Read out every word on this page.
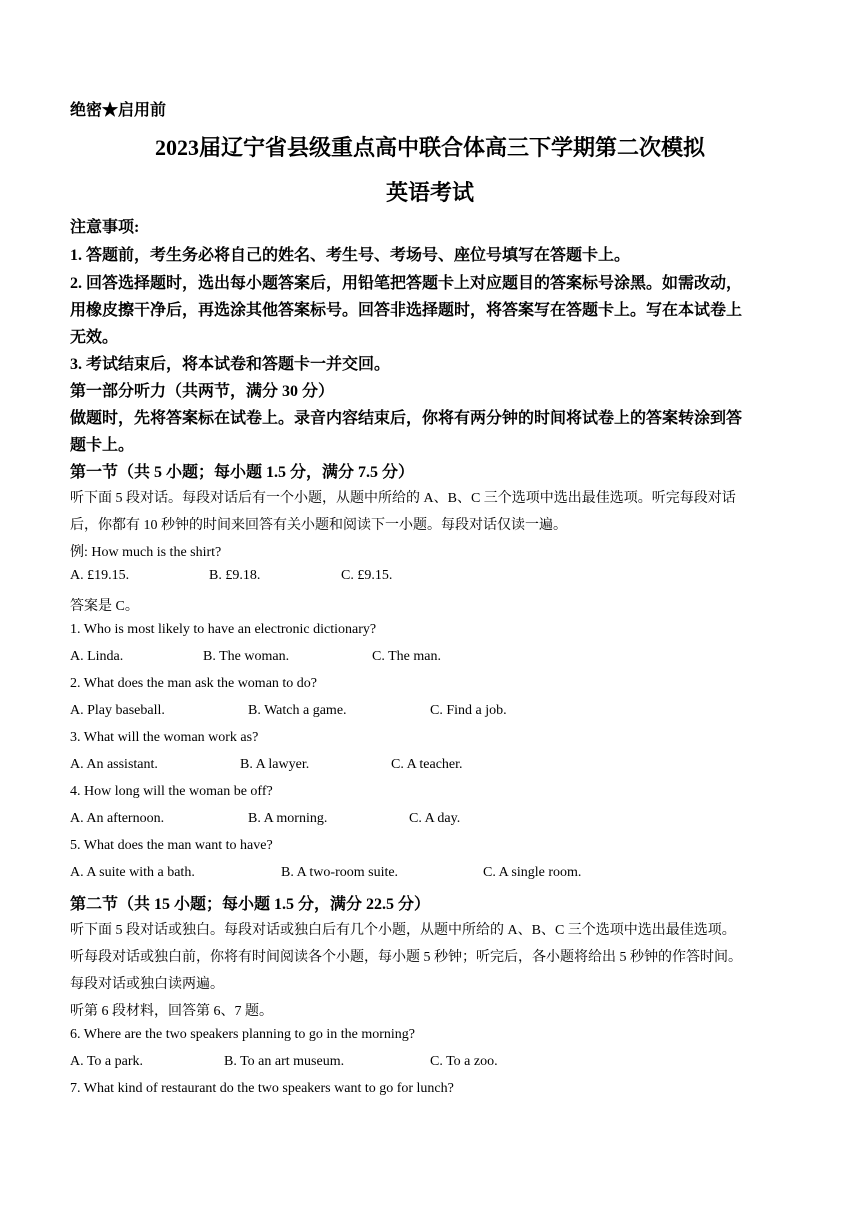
绝密★启用前
2023届辽宁省县级重点高中联合体高三下学期第二次模拟
英语考试
注意事项:
1. 答题前，考生务必将自己的姓名、考生号、考场号、座位号填写在答题卡上。
2. 回答选择题时，选出每小题答案后，用铅笔把答题卡上对应题目的答案标号涂黑。如需改动，
用橡皮擦干净后，再选涂其他答案标号。回答非选择题时，将答案写在答题卡上。写在本试卷上
无效。
3. 考试结束后，将本试卷和答题卡一并交回。
第一部分听力（共两节，满分 30 分）
做题时，先将答案标在试卷上。录音内容结束后，你将有两分钟的时间将试卷上的答案转涂到答
题卡上。
第一节（共 5 小题；每小题 1.5 分，满分 7.5 分）
听下面 5 段对话。每段对话后有一个小题，从题中所给的 A、B、C 三个选项中选出最佳选项。听完每段对话
后，你都有 10 秒钟的时间来回答有关小题和阅读下一小题。每段对话仅读一遍。
例: How much is the shirt?
A. £19.15.	B. £9.18.	C. £9.15.
答案是 C。
1. Who is most likely to have an electronic dictionary?
A. Linda.	B. The woman.	C. The man.
2. What does the man ask the woman to do?
A. Play baseball.	B. Watch a game.	C. Find a job.
3. What will the woman work as?
A. An assistant.	B. A lawyer.	C. A teacher.
4. How long will the woman be off?
A. An afternoon.	B. A morning.	C. A day.
5. What does the man want to have?
A. A suite with a bath.	B. A two-room suite.	C. A single room.
第二节（共 15 小题；每小题 1.5 分，满分 22.5 分）
听下面 5 段对话或独白。每段对话或独白后有几个小题，从题中所给的 A、B、C 三个选项中选出最佳选项。
听每段对话或独白前，你将有时间阅读各个小题，每小题 5 秒钟；听完后，各小题将给出 5 秒钟的作答时间。
每段对话或独白读两遍。
听第 6 段材料，回答第 6、7 题。
6. Where are the two speakers planning to go in the morning?
A. To a park.	B. To an art museum.	C. To a zoo.
7. What kind of restaurant do the two speakers want to go for lunch?
